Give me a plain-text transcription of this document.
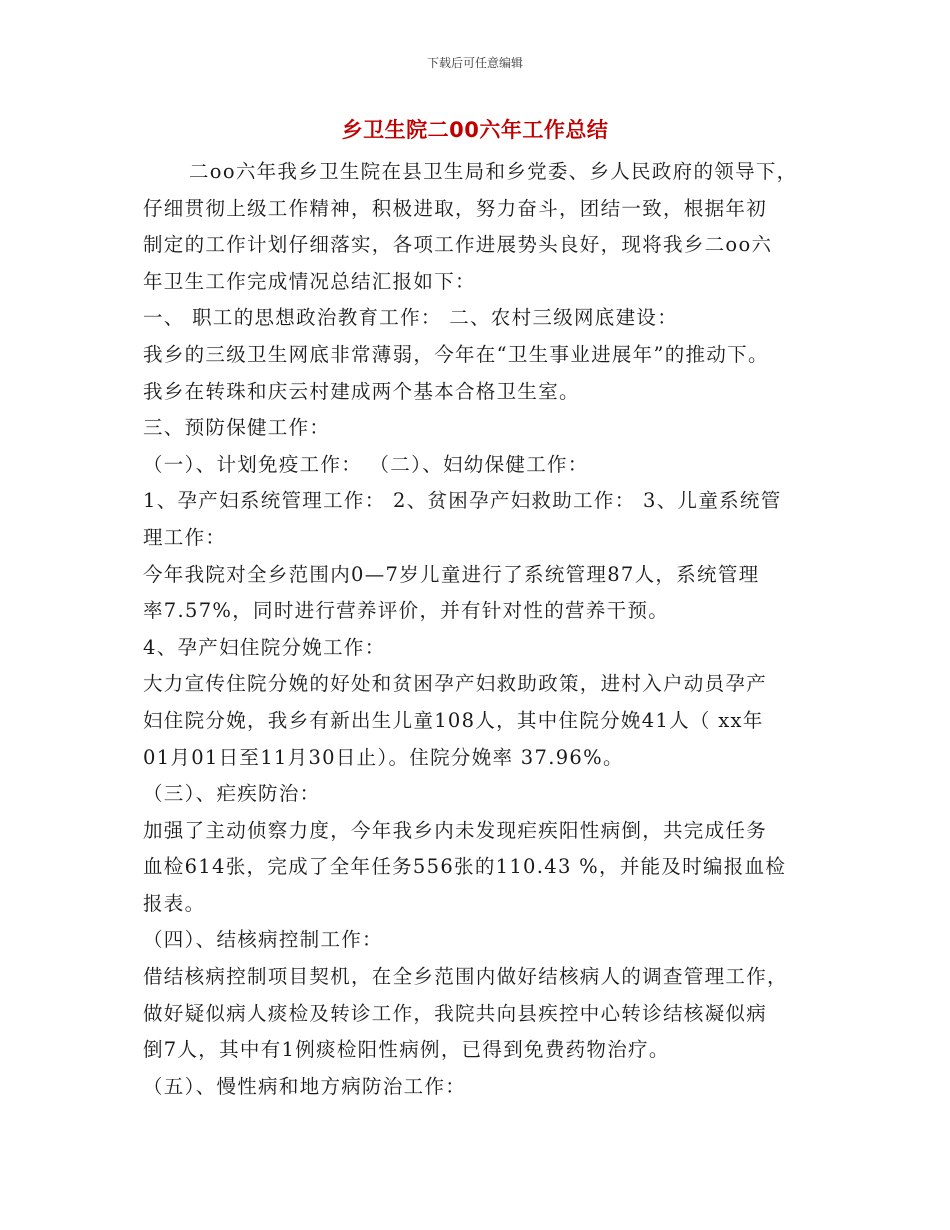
下载后可任意编辑
乡卫生院二00六年工作总结
二oo六年我乡卫生院在县卫生局和乡党委、乡人民政府的领导下，
仔细贯彻上级工作精神，积极进取，努力奋斗，团结一致，根据年初
制定的工作计划仔细落实，各项工作进展势头良好，现将我乡二oo六
年卫生工作完成情况总结汇报如下：
一、 职工的思想政治教育工作： 二、农村三级网底建设：
我乡的三级卫生网底非常薄弱，今年在“卫生事业进展年”的推动下。
我乡在转珠和庆云村建成两个基本合格卫生室。
三、预防保健工作：
（一）、计划免疫工作： （二）、妇幼保健工作：
1、孕产妇系统管理工作： 2、贫困孕产妇救助工作： 3、儿童系统管
理工作：
今年我院对全乡范围内0—7岁儿童进行了系统管理87人，系统管理
率7.57%，同时进行营养评价，并有针对性的营养干预。
4、孕产妇住院分娩工作：
大力宣传住院分娩的好处和贫困孕产妇救助政策，进村入户动员孕产
妇住院分娩，我乡有新出生儿童108人，其中住院分娩41人（ xx年
01月01日至11月30日止）。住院分娩率 37.96%。
（三）、疟疾防治：
加强了主动侦察力度，今年我乡内未发现疟疾阳性病倒，共完成任务
血检614张，完成了全年任务556张的110.43 %，并能及时编报血检
报表。
（四）、结核病控制工作：
借结核病控制项目契机，在全乡范围内做好结核病人的调查管理工作，
做好疑似病人痰检及转诊工作，我院共向县疾控中心转诊结核凝似病
倒7人，其中有1例痰检阳性病例，已得到免费药物治疗。
（五）、慢性病和地方病防治工作：
